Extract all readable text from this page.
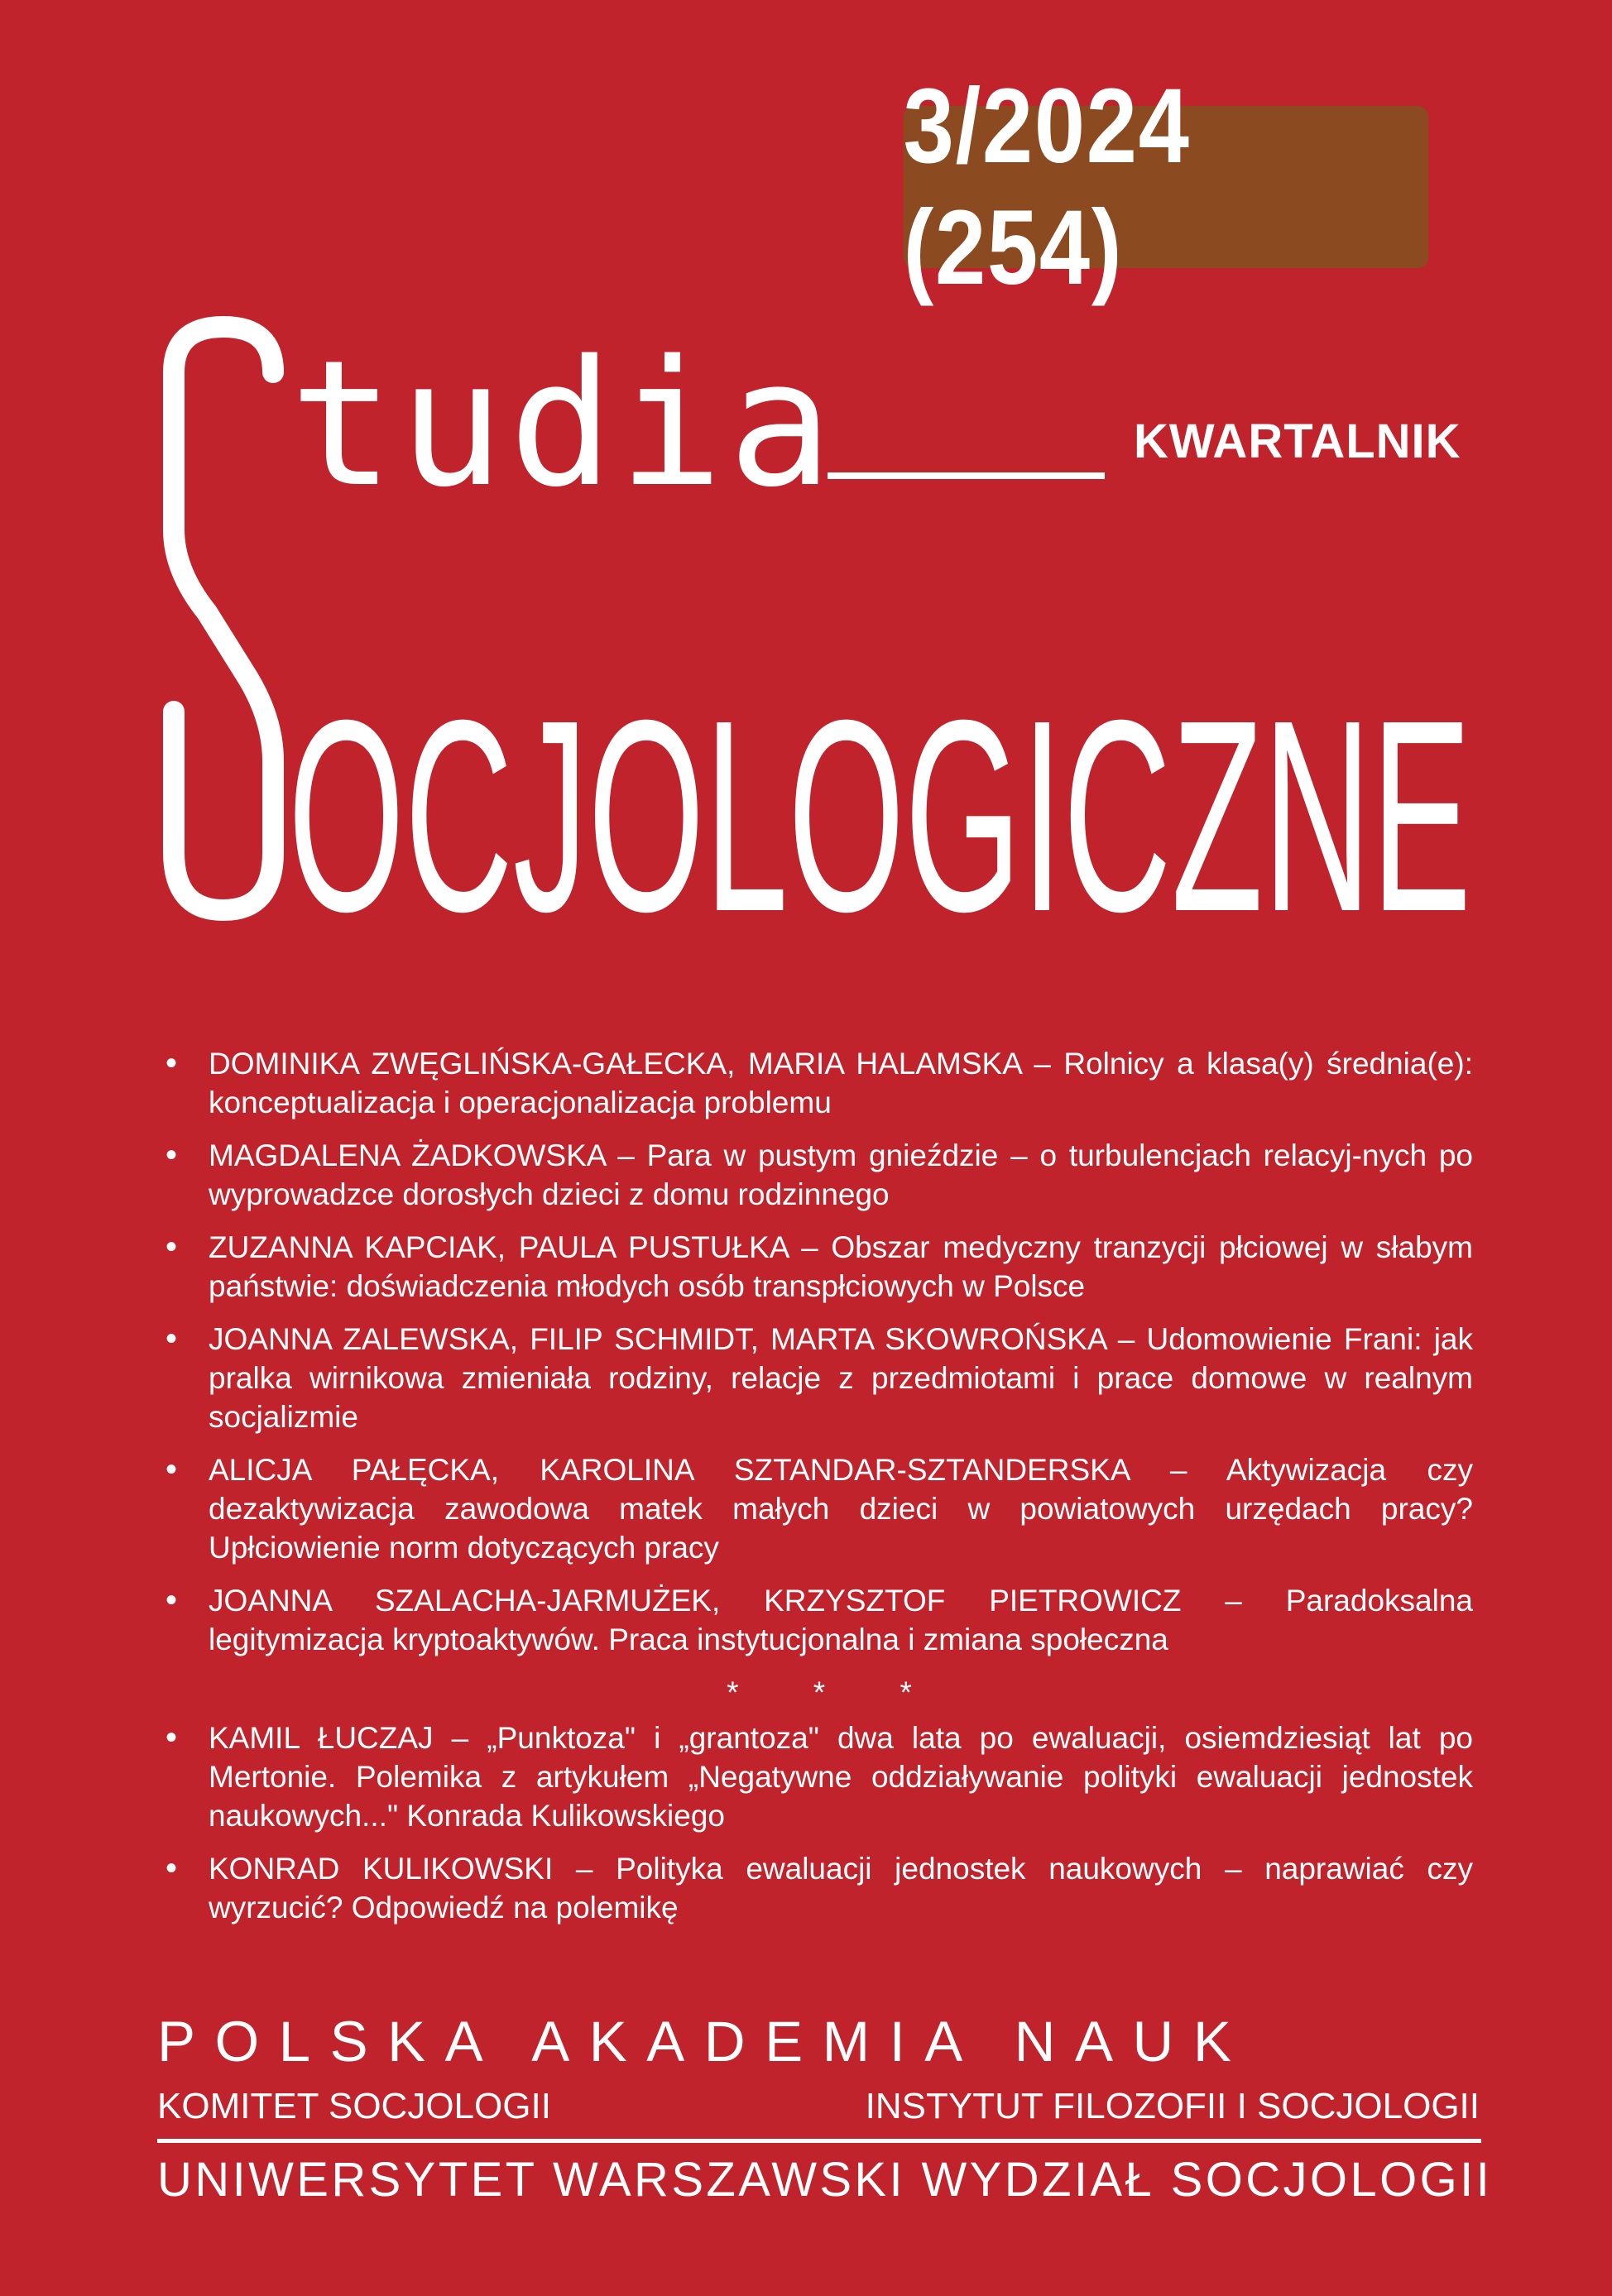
3/2024 (254)
tudia
OCJOLOGICZNE
KWARTALNIK
• DOMINIKA ZWĘGLIŃSKA-GAŁECKA, MARIA HALAMSKA – Rolnicy a klasa(y) średnia(e): konceptualizacja i operacjonalizacja problemu
• MAGDALENA ŻADKOWSKA – Para w pustym gnieździe – o turbulencjach relacyj-nych po wyprowadzce dorosłych dzieci z domu rodzinnego
• ZUZANNA KAPCIAK, PAULA PUSTUŁKA – Obszar medyczny tranzycji płciowej w słabym państwie: doświadczenia młodych osób transpłciowych w Polsce
• JOANNA ZALEWSKA, FILIP SCHMIDT, MARTA SKOWROŃSKA – Udomowienie Frani: jak pralka wirnikowa zmieniała rodziny, relacje z przedmiotami i prace domowe w realnym socjalizmie
• ALICJA PAŁĘCKA, KAROLINA SZTANDAR-SZTANDERSKA – Aktywizacja czy dezaktywizacja zawodowa matek małych dzieci w powiatowych urzędach pracy? Upłciowienie norm dotyczących pracy
• JOANNA SZALACHA-JARMUŻEK, KRZYSZTOF PIETROWICZ – Paradoksalna legitymizacja kryptoaktywów. Praca instytucjonalna i zmiana społeczna
* * *
• KAMIL ŁUCZAJ – „Punktoza" i „grantoza" dwa lata po ewaluacji, osiemdziesiąt lat po Mertonie. Polemika z artykułem „Negatywne oddziaływanie polityki ewaluacji jednostek naukowych..." Konrada Kulikowskiego
• KONRAD KULIKOWSKI – Polityka ewaluacji jednostek naukowych – naprawiać czy wyrzucić? Odpowiedź na polemikę
POLSKA AKADEMIA NAUK
KOMITET SOCJOLOGII	INSTYTUT FILOZOFII I SOCJOLOGII
UNIWERSYTET WARSZAWSKI WYDZIAŁ SOCJOLOGII
